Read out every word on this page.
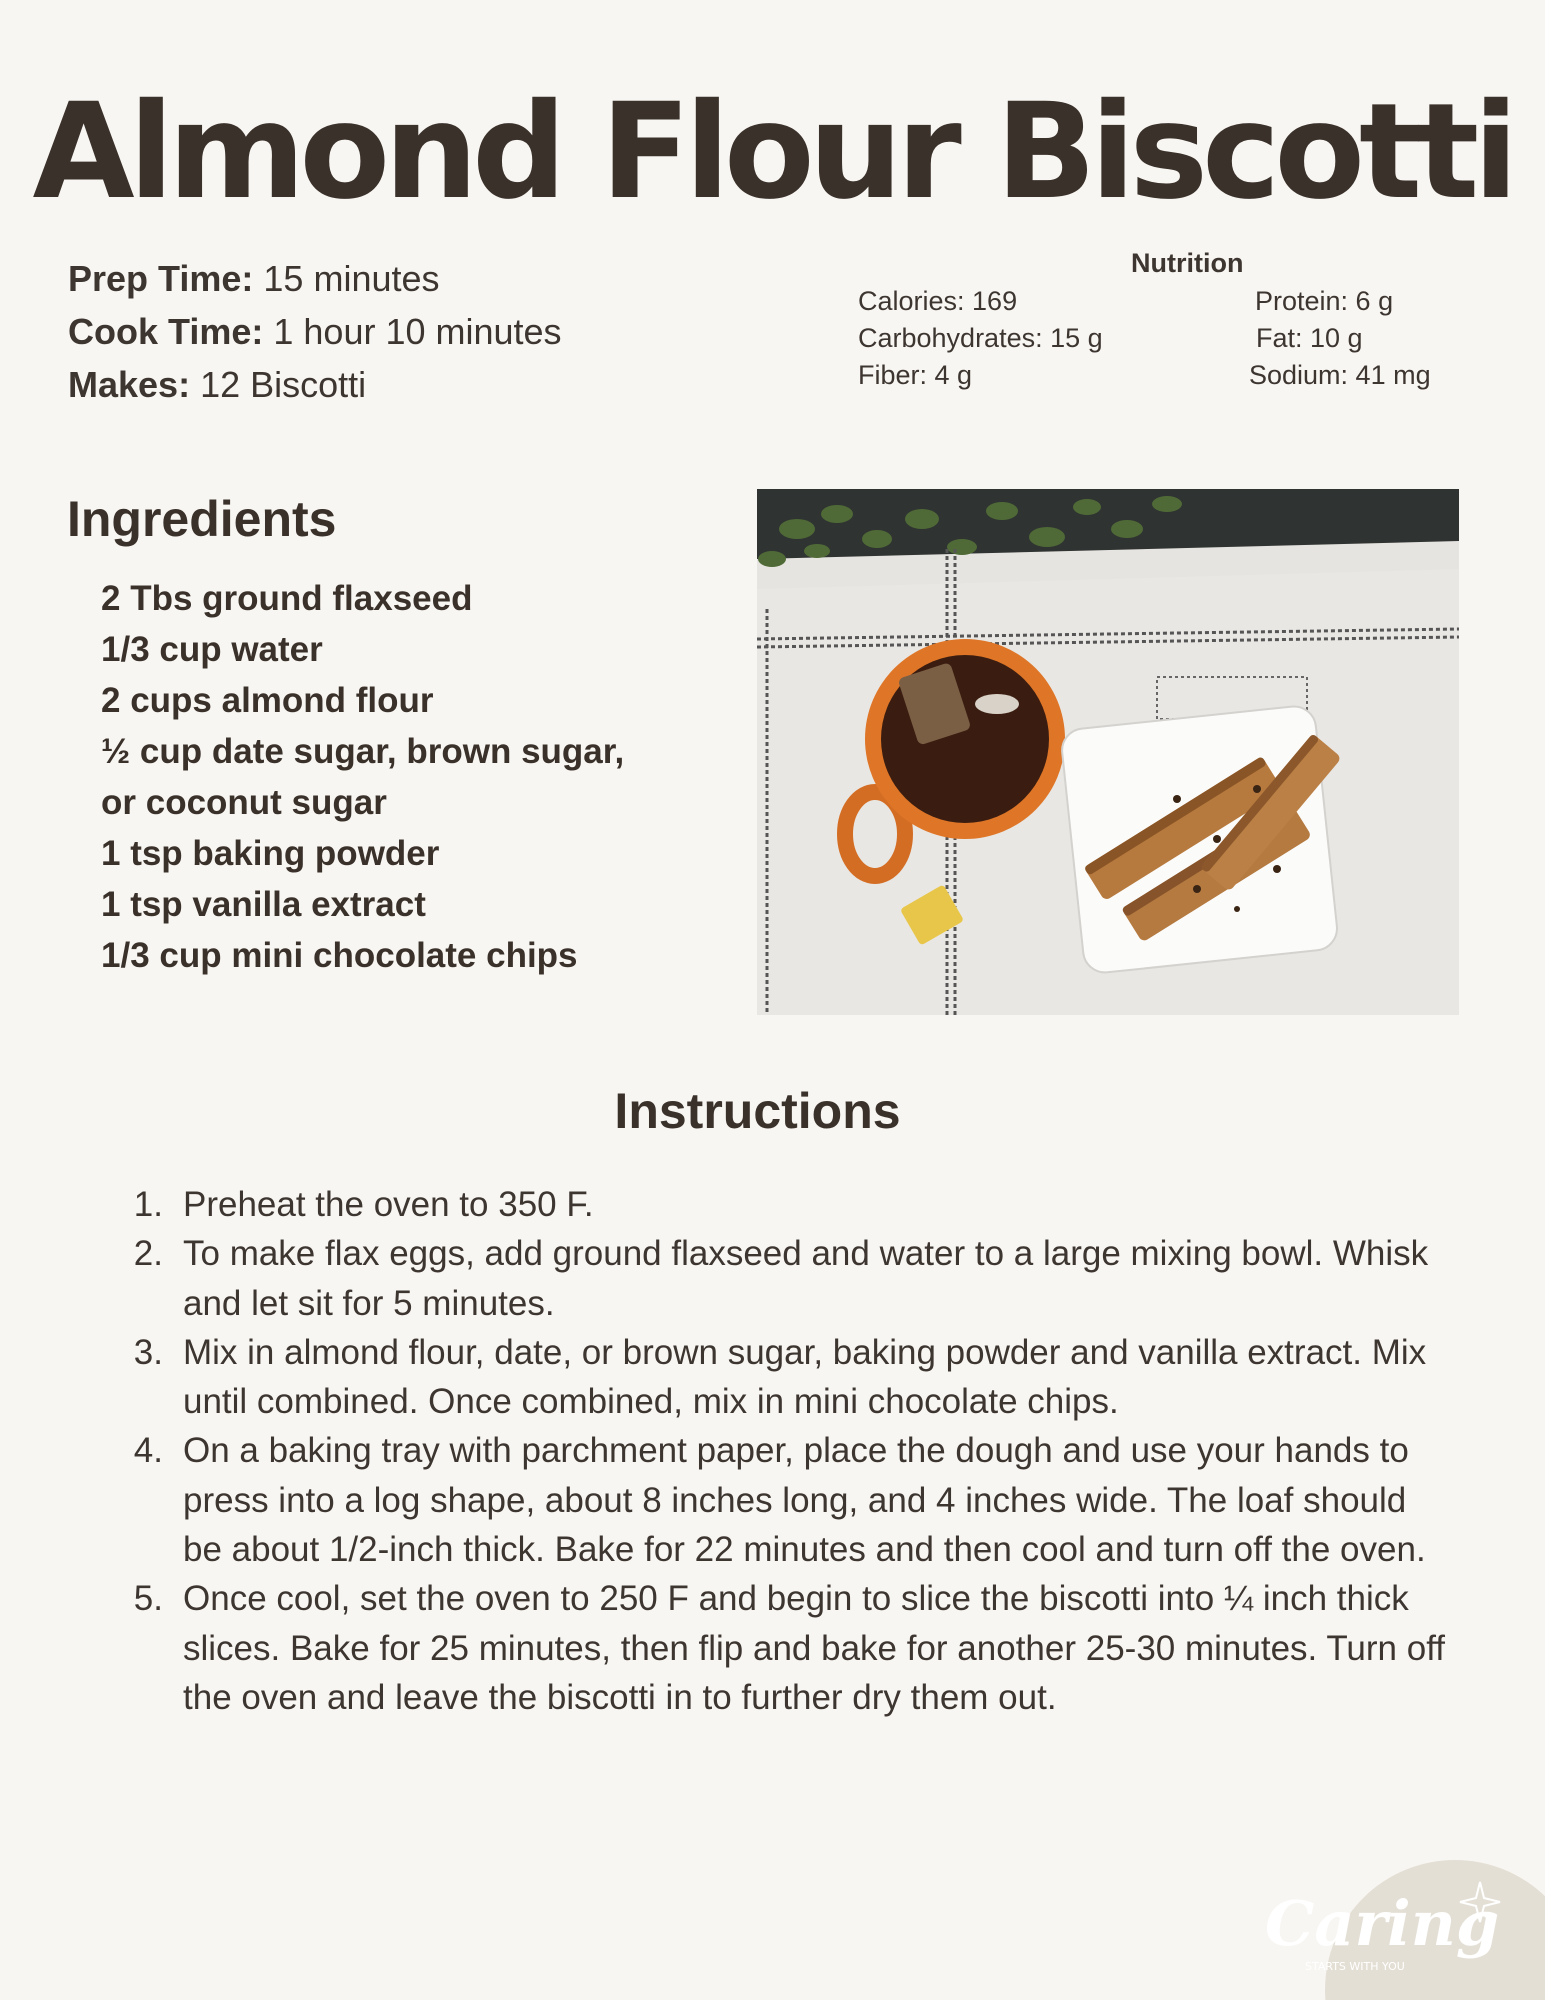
Almond Flour Biscotti
Prep Time: 15 minutes
Cook Time: 1 hour 10 minutes
Makes: 12 Biscotti
Nutrition
Calories: 169
Carbohydrates: 15 g
Fiber: 4 g
Protein: 6 g
Fat: 10 g
Sodium: 41 mg
Ingredients
2 Tbs ground flaxseed
1/3 cup water
2 cups almond flour
½ cup date sugar, brown sugar,
or coconut sugar
1 tsp baking powder
1 tsp vanilla extract
1/3 cup mini chocolate chips
Instructions
1. Preheat the oven to 350 F.
2. To make flax eggs, add ground flaxseed and water to a large mixing bowl. Whisk and let sit for 5 minutes.
3. Mix in almond flour, date, or brown sugar, baking powder and vanilla extract. Mix until combined. Once combined, mix in mini chocolate chips.
4. On a baking tray with parchment paper, place the dough and use your hands to press into a log shape, about 8 inches long, and 4 inches wide. The loaf should be about 1/2-inch thick. Bake for 22 minutes and then cool and turn off the oven.
5. Once cool, set the oven to 250 F and begin to slice the biscotti into ¼ inch thick slices. Bake for 25 minutes, then flip and bake for another 25-30 minutes. Turn off the oven and leave the biscotti in to further dry them out.
Caring
STARTS WITH YOU
